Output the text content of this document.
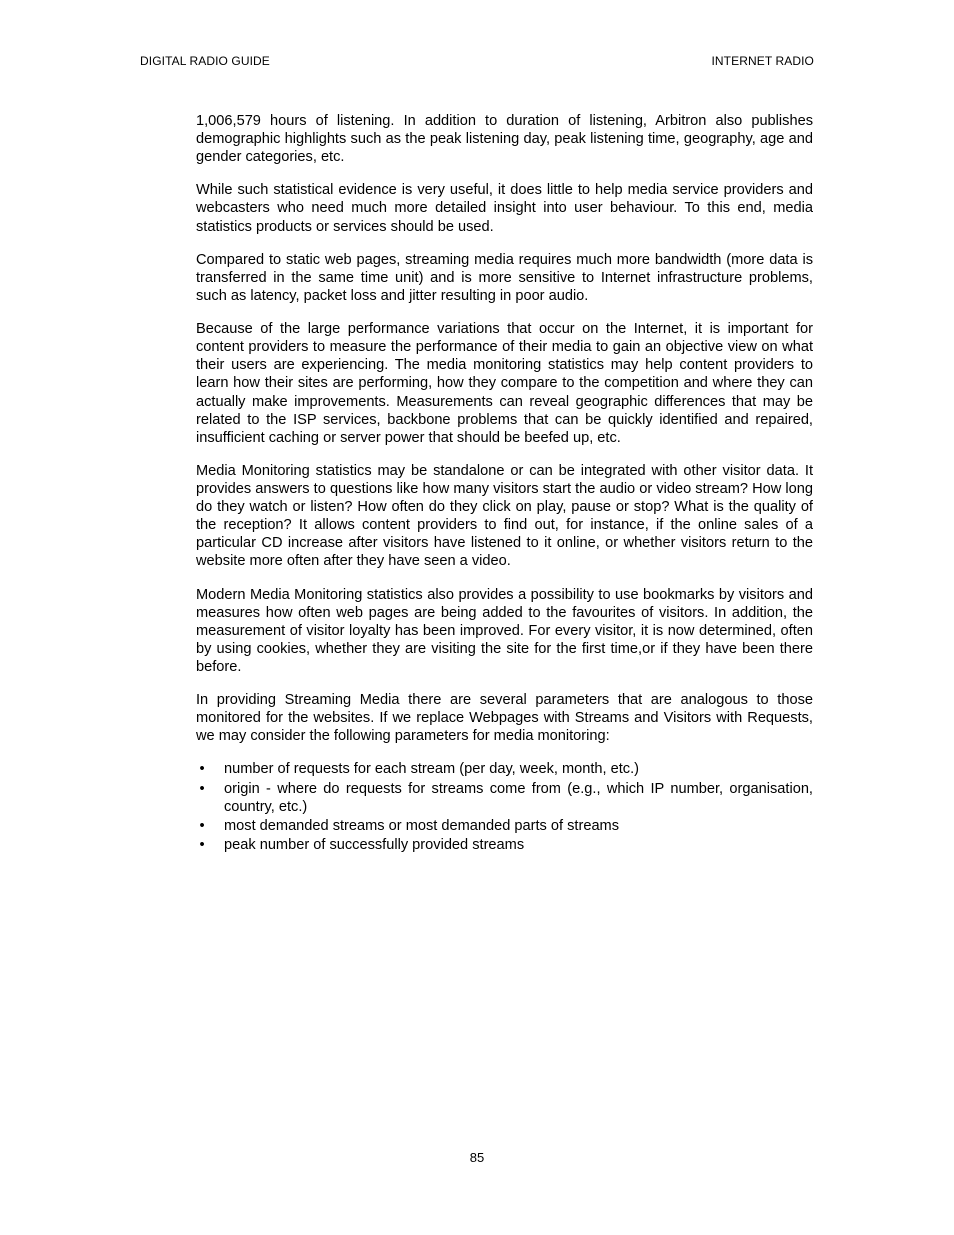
DIGITAL RADIO GUIDE	INTERNET RADIO

1,006,579 hours of listening. In addition to duration of listening, Arbitron also publishes demographic highlights such as the peak listening day, peak listening time, geography, age and gender categories, etc.

While such statistical evidence is very useful, it does little to help media service providers and webcasters who need much more detailed insight into user behaviour. To this end, media statistics products or services should be used.

Compared to static web pages, streaming media requires much more bandwidth (more data is transferred in the same time unit) and is more sensitive to Internet infrastructure problems, such as latency, packet loss and jitter resulting in poor audio.

Because of the large performance variations that occur on the Internet, it is important for content providers to measure the performance of their media to gain an objective view on what their users are experiencing. The media monitoring statistics may help content providers to learn how their sites are performing, how they compare to the competition and where they can actually make improvements. Measurements can reveal geographic differences that may be related to the ISP services, backbone problems that can be quickly identified and repaired, insufficient caching or server power that should be beefed up, etc.

Media Monitoring statistics may be standalone or can be integrated with other visitor data. It provides answers to questions like how many visitors start the audio or video stream? How long do they watch or listen? How often do they click on play, pause or stop? What is the quality of the reception? It allows content providers to find out, for instance, if the online sales of a particular CD increase after visitors have listened to it online, or whether visitors return to the website more often after they have seen a video.

Modern Media Monitoring statistics also provides a possibility to use bookmarks by visitors and measures how often web pages are being added to the favourites of visitors. In addition, the measurement of visitor loyalty has been improved. For every visitor, it is now determined, often by using cookies, whether they are visiting the site for the first time,or if they have been there before.

In providing Streaming Media there are several parameters that are analogous to those monitored for the websites. If we replace Webpages with Streams and Visitors with Requests, we may consider the following parameters for media monitoring:

• number of requests for each stream (per day, week, month, etc.)
• origin - where do requests for streams come from (e.g., which IP number, organisation, country, etc.)
• most demanded streams or most demanded parts of streams
• peak number of successfully provided streams
85
